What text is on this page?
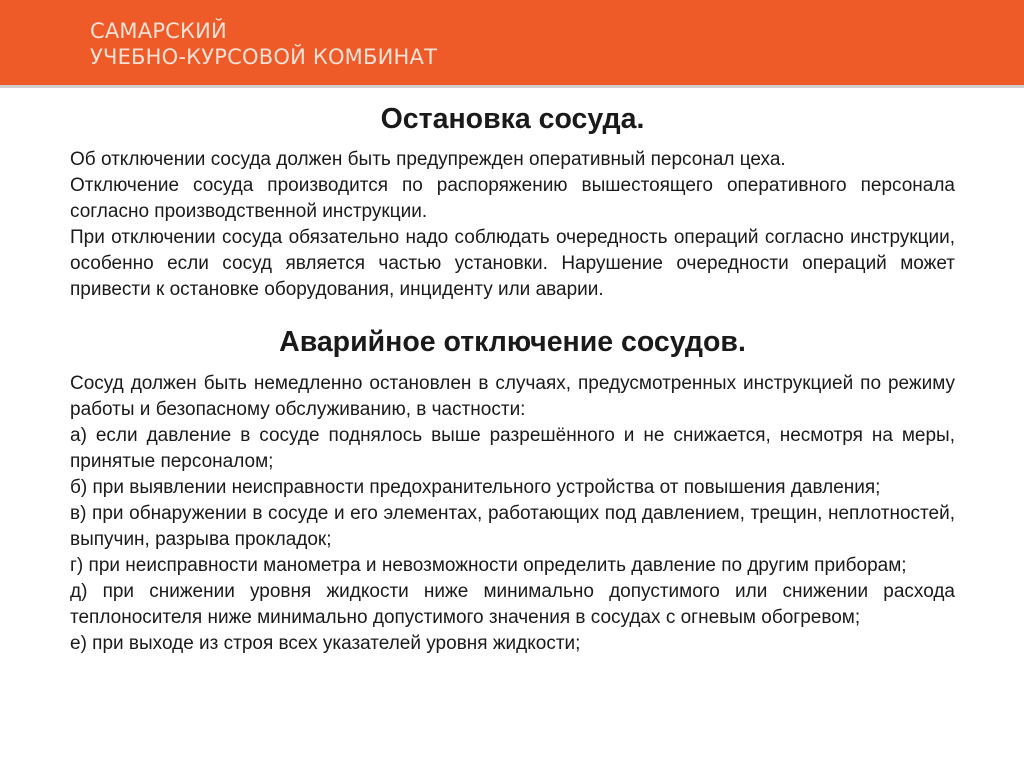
САМАРСКИЙ
УЧЕБНО-КУРСОВОЙ КОМБИНАТ
Остановка сосуда.

Об отключении сосуда должен быть предупрежден оперативный персонал цеха.

Отключение сосуда производится по распоряжению вышестоящего оперативного персонала согласно производственной инструкции.

При отключении сосуда обязательно надо соблюдать очередность операций согласно инструкции, особенно если сосуд является частью установки. Нарушение очередности операций может привести к остановке оборудования, инциденту или аварии.

Аварийное отключение сосудов.

Сосуд должен быть немедленно остановлен в случаях, предусмотренных инструкцией по режиму работы и безопасному обслуживанию, в частности:

а) если давление в сосуде поднялось выше разрешённого и не снижается, несмотря на меры, принятые персоналом;

б) при выявлении неисправности предохранительного устройства от повышения давления;

в) при обнаружении в сосуде и его элементах, работающих под давлением, трещин, неплотностей, выпучин, разрыва прокладок;

г) при неисправности манометра и невозможности определить давление по другим приборам;

д) при снижении уровня жидкости ниже минимально допустимого или снижении расхода теплоносителя ниже минимально допустимого значения в сосудах с огневым обогревом;

е) при выходе из строя всех указателей уровня жидкости;
